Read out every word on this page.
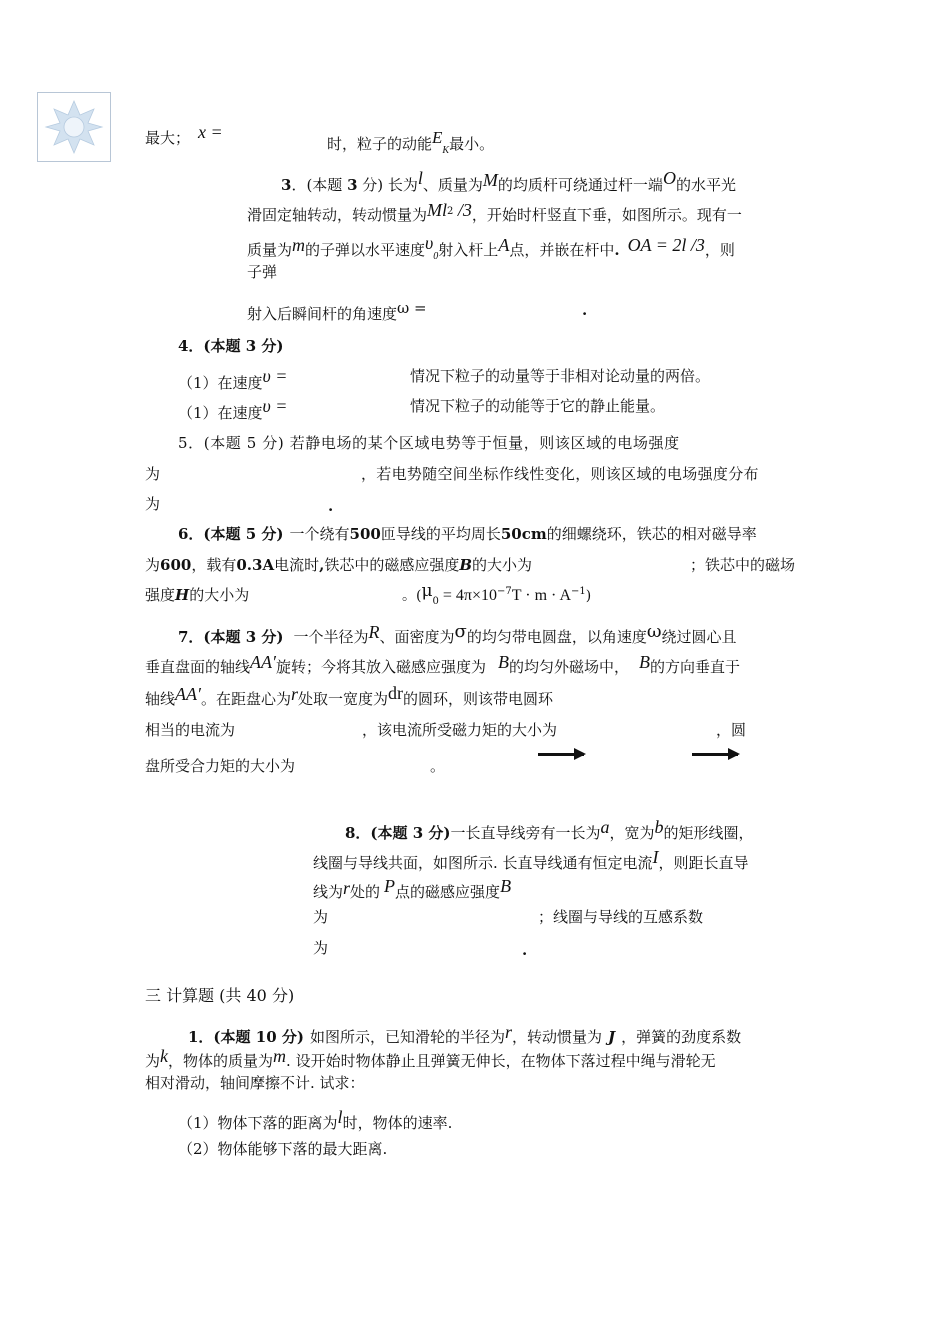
最大； x =
时，粒子的动能$E_K$最小。
3．(本题 3 分) 长为l、质量为M的均质杆可绕通过杆一端O的水平光
滑固定轴转动，转动惯量为Ml$^2$ /3，开始时杆竖直下垂，如图所示。现有一
质量为m的子弹以水平速度$\upsilon_0$射入杆上A点，并嵌在杆中. OA = 2l /3，则
子弹
射入后瞬间杆的角速度ω =	.
4．(本题 3 分)
（1）在速度υ =	情况下粒子的动量等于非相对论动量的两倍。
（1）在速度υ =	情况下粒子的动能等于它的静止能量。
5．(本题 5 分) 若静电场的某个区域电势等于恒量，则该区域的电场强度
为	，若电势随空间坐标作线性变化，则该区域的电场强度分布
为	.
6．(本题 5 分) 一个绕有500匝导线的平均周长50cm的细螺绕环，铁芯的相对磁导率
为600，载有0.3A电流时,铁芯中的磁感应强度B的大小为	；铁芯中的磁场
强度H的大小为	。$(\mu_0 = 4\pi\times 10^{-7}T \cdot m \cdot A^{-1})$
7．(本题 3 分) 一个半径为R、面密度为σ的均匀带电圆盘，以角速度ω绕过圆心且
垂直盘面的轴线AA′旋转；今将其放入磁感应强度为 B的均匀外磁场中， B的方向垂直于
轴线AA′。在距盘心为r处取一宽度为dr的圆环，则该带电圆环
相当的电流为	，该电流所受磁力矩的大小为	，圆
盘所受合力矩的大小为	。
8．(本题 3 分)一长直导线旁有一长为a，宽为b的矩形线圈，
线圈与导线共面，如图所示. 长直导线通有恒定电流I，则距长直导
线为r处的 P点的磁感应强度B
为	；线圈与导线的互感系数
为	.
三 计算题 (共 40 分)
1．(本题 10 分) 如图所示，已知滑轮的半径为r，转动惯量为 J ，弹簧的劲度系数
为k，物体的质量为m. 设开始时物体静止且弹簧无伸长，在物体下落过程中绳与滑轮无
相对滑动，轴间摩擦不计. 试求：
（1）物体下落的距离为l时，物体的速率.
（2）物体能够下落的最大距离.
